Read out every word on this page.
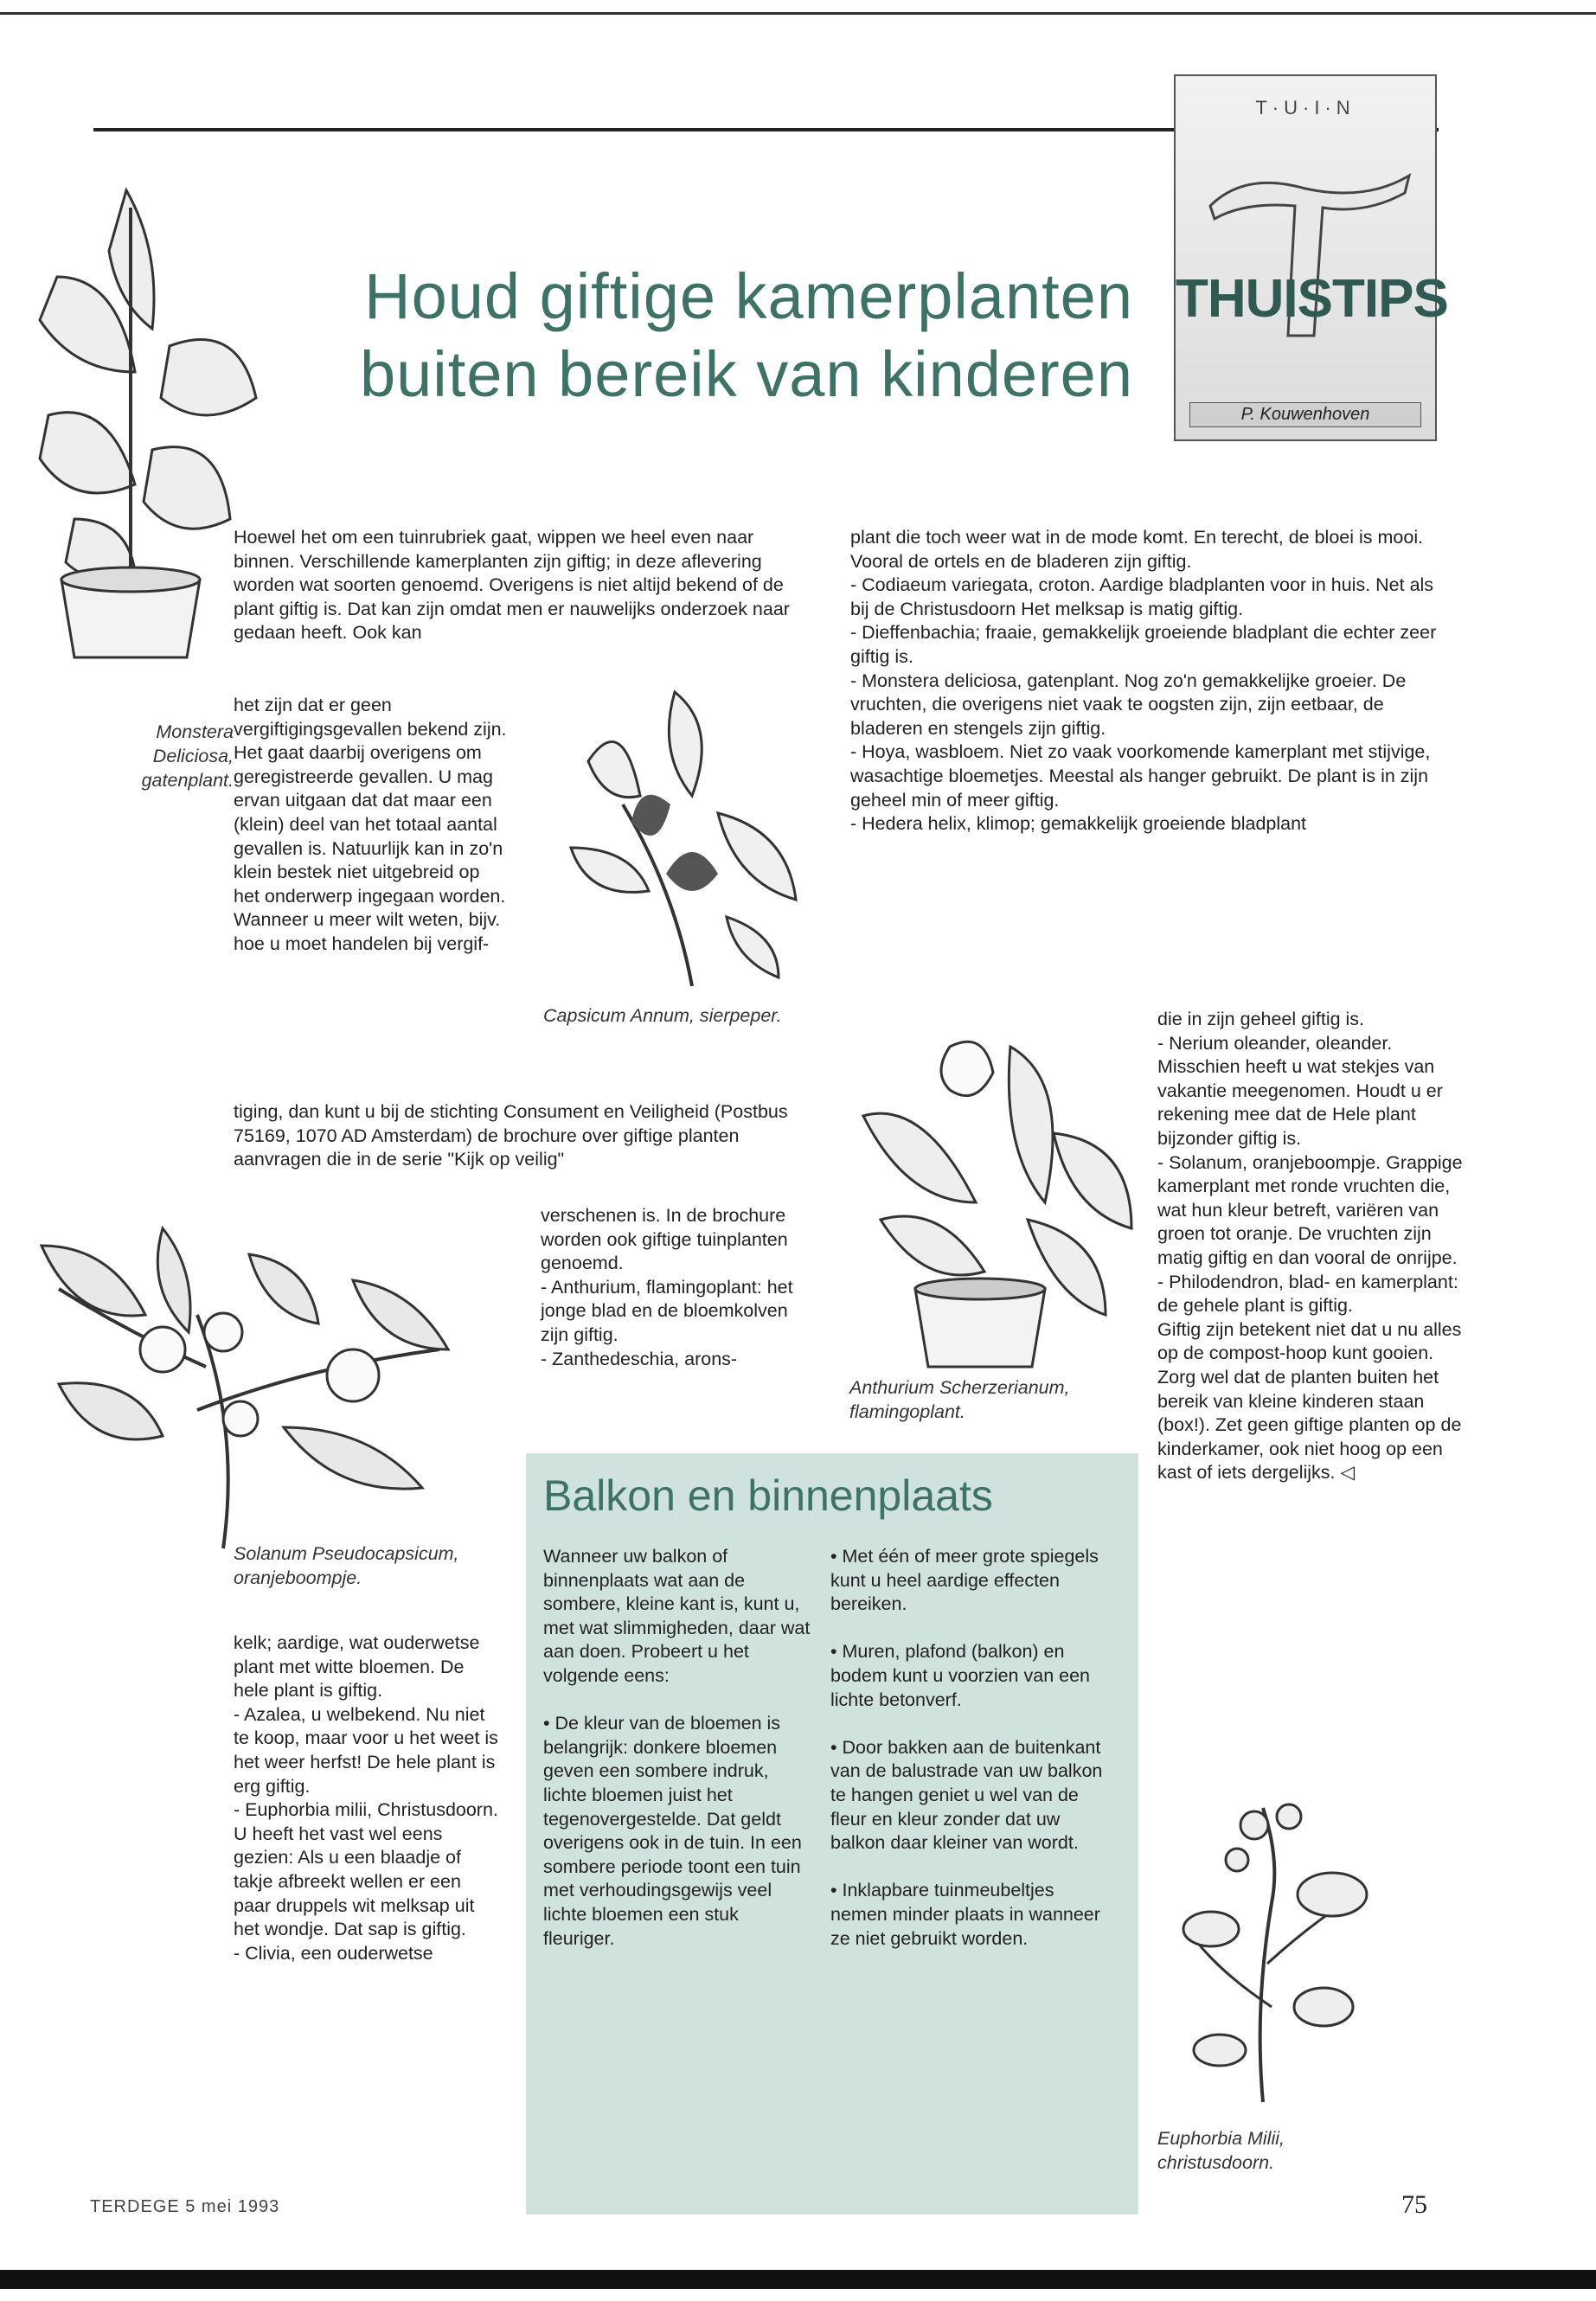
Houd giftige kamerplanten
buiten bereik van kinderen
T·U·I·N
THUISTIPS
P. Kouwenhoven
Monstera Deliciosa, gatenplant.
Hoewel het om een tuinrubriek gaat, wippen we heel even naar binnen. Verschillende kamerplanten zijn giftig; in deze aflevering worden wat soorten genoemd. Overigens is niet altijd bekend of de plant giftig is. Dat kan zijn omdat men er nauwelijks onderzoek naar gedaan heeft. Ook kan
het zijn dat er geen vergiftigingsgevallen bekend zijn. Het gaat daarbij overigens om geregistreerde gevallen. U mag ervan uitgaan dat dat maar een (klein) deel van het totaal aantal gevallen is. Natuurlijk kan in zo'n klein bestek niet uitgebreid op het onderwerp ingegaan worden. Wanneer u meer wilt weten, bijv. hoe u moet handelen bij vergif-
Capsicum Annum, sierpeper.
tiging, dan kunt u bij de stichting Consument en Veiligheid (Postbus 75169, 1070 AD Amsterdam) de brochure over giftige planten aanvragen die in de serie "Kijk op veilig"
Solanum Pseudocapsicum, oranjeboompje.
verschenen is. In de brochure worden ook giftige tuinplanten genoemd.
- Anthurium, flamingoplant: het jonge blad en de bloemkolven zijn giftig.
- Zanthedeschia, arons-
kelk; aardige, wat ouderwetse plant met witte bloemen. De hele plant is giftig.
- Azalea, u welbekend. Nu niet te koop, maar voor u het weet is het weer herfst! De hele plant is erg giftig.
- Euphorbia milii, Christusdoorn. U heeft het vast wel eens gezien: Als u een blaadje of takje afbreekt wellen er een paar druppels wit melksap uit het wondje. Dat sap is giftig.
- Clivia, een ouderwetse
plant die toch weer wat in de mode komt. En terecht, de bloei is mooi. Vooral de ortels en de bladeren zijn giftig.
- Codiaeum variegata, croton. Aardige bladplanten voor in huis. Net als bij de Christusdoorn Het melksap is matig giftig.
- Dieffenbachia; fraaie, gemakkelijk groeiende bladplant die echter zeer giftig is.
- Monstera deliciosa, gatenplant. Nog zo'n gemakkelijke groeier. De vruchten, die overigens niet vaak te oogsten zijn, zijn eetbaar, de bladeren en stengels zijn giftig.
- Hoya, wasbloem. Niet zo vaak voorkomende kamerplant met stijvige, wasachtige bloemetjes. Meestal als hanger gebruikt. De plant is in zijn geheel min of meer giftig.
- Hedera helix, klimop; gemakkelijk groeiende bladplant
die in zijn geheel giftig is.
- Nerium oleander, oleander. Misschien heeft u wat stekjes van vakantie meegenomen. Houdt u er rekening mee dat de Hele plant bijzonder giftig is.
- Solanum, oranjeboompje. Grappige kamerplant met ronde vruchten die, wat hun kleur betreft, variëren van groen tot oranje. De vruchten zijn matig giftig en dan vooral de onrijpe.
- Philodendron, blad- en kamerplant: de gehele plant is giftig.
Giftig zijn betekent niet dat u nu alles op de compost-hoop kunt gooien. Zorg wel dat de planten buiten het bereik van kleine kinderen staan (box!). Zet geen giftige planten op de kinderkamer, ook niet hoog op een kast of iets dergelijks. ◁
Anthurium Scherzerianum, flamingoplant.
Balkon en binnenplaats
Wanneer uw balkon of binnenplaats wat aan de sombere, kleine kant is, kunt u, met wat slimmigheden, daar wat aan doen. Probeert u het volgende eens:

• De kleur van de bloemen is belangrijk: donkere bloemen geven een sombere indruk, lichte bloemen juist het tegenovergestelde. Dat geldt overigens ook in de tuin. In een sombere periode toont een tuin met verhoudingsgewijs veel lichte bloemen een stuk fleuriger.
• Met één of meer grote spiegels kunt u heel aardige effecten bereiken.

• Muren, plafond (balkon) en bodem kunt u voorzien van een lichte betonverf.

• Door bakken aan de buitenkant van de balustrade van uw balkon te hangen geniet u wel van de fleur en kleur zonder dat uw balkon daar kleiner van wordt.

• Inklapbare tuinmeubeltjes nemen minder plaats in wanneer ze niet gebruikt worden.
Euphorbia Milii, christusdoorn.
TERDEGE 5 mei 1993	75
